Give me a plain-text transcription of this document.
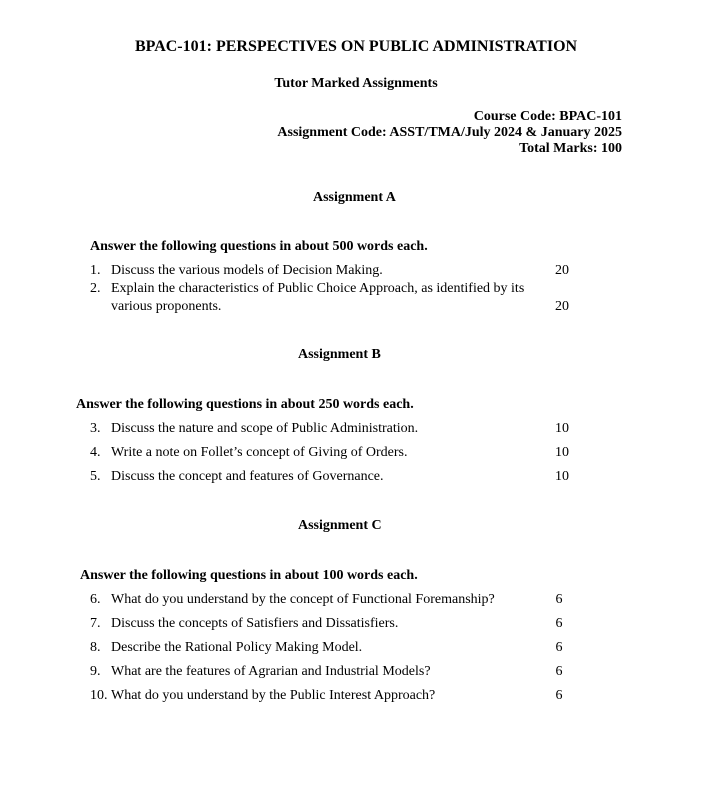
BPAC-101: PERSPECTIVES ON PUBLIC ADMINISTRATION
Tutor Marked Assignments
Course Code: BPAC-101
Assignment Code: ASST/TMA/July 2024 & January 2025
Total Marks: 100
Assignment A
Answer the following questions in about 500 words each.
1. Discuss the various models of Decision Making.	20
2. Explain the characteristics of Public Choice Approach, as identified by its
various proponents.	20
Assignment B
Answer the following questions in about 250 words each.
3. Discuss the nature and scope of Public Administration.	10
4. Write a note on Follet’s concept of Giving of Orders.	10
5. Discuss the concept and features of Governance.	10
Assignment C
Answer the following questions in about 100 words each.
6. What do you understand by the concept of Functional Foremanship?	6
7. Discuss the concepts of Satisfiers and Dissatisfiers.	6
8. Describe the Rational Policy Making Model.	6
9. What are the features of Agrarian and Industrial Models?	6
10. What do you understand by the Public Interest Approach?	6
